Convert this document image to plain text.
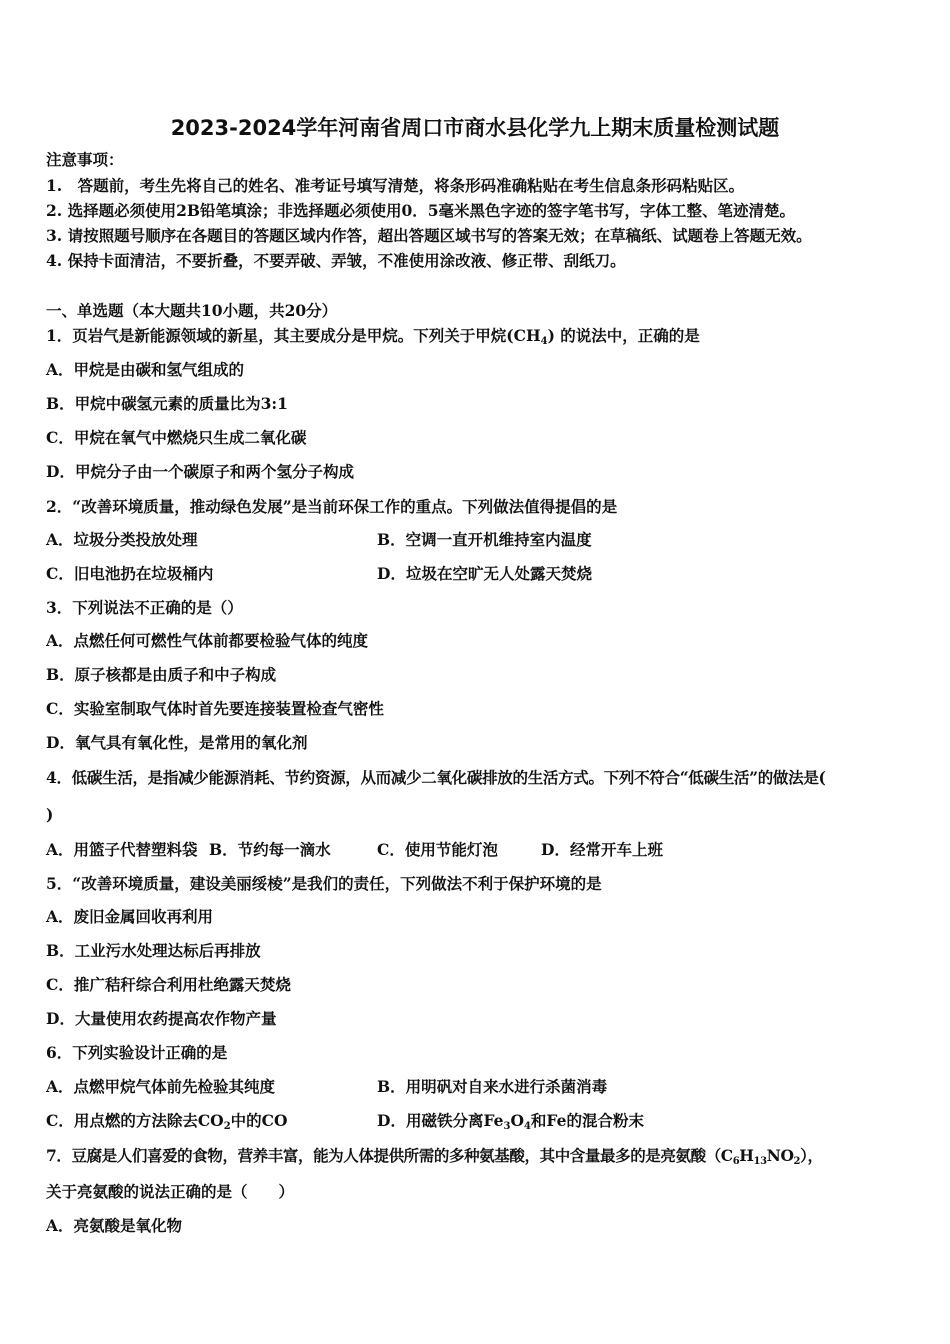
2023-2024学年河南省周口市商水县化学九上期末质量检测试题
注意事项：
1.　答题前，考生先将自己的姓名、准考证号填写清楚，将条形码准确粘贴在考生信息条形码粘贴区。
2. 选择题必须使用2B铅笔填涂；非选择题必须使用0．5毫米黑色字迹的签字笔书写，字体工整、笔迹清楚。
3. 请按照题号顺序在各题目的答题区域内作答，超出答题区域书写的答案无效；在草稿纸、试题卷上答题无效。
4. 保持卡面清洁，不要折叠，不要弄破、弄皱，不准使用涂改液、修正带、刮纸刀。
一、单选题（本大题共10小题，共20分）
1．页岩气是新能源领域的新星，其主要成分是甲烷。下列关于甲烷$(CH_4)$ 的说法中，正确的是
A．甲烷是由碳和氢气组成的
B．甲烷中碳氢元素的质量比为3:1
C．甲烷在氧气中燃烧只生成二氧化碳
D．甲烷分子由一个碳原子和两个氢分子构成
2．“改善环境质量，推动绿色发展”是当前环保工作的重点。下列做法值得提倡的是
A．垃圾分类投放处理	B．空调一直开机维持室内温度
C．旧电池扔在垃圾桶内	D．垃圾在空旷无人处露天焚烧
3．下列说法不正确的是（）
A．点燃任何可燃性气体前都要检验气体的纯度
B．原子核都是由质子和中子构成
C．实验室制取气体时首先要连接装置检查气密性
D．氧气具有氧化性，是常用的氧化剂
4．低碳生活，是指减少能源消耗、节约资源，从而减少二氧化碳排放的生活方式。下列不符合“低碳生活”的做法是(
)
A．用篮子代替塑料袋 B．节约每一滴水	C．使用节能灯泡	D．经常开车上班
5．“改善环境质量，建设美丽绥棱”是我们的责任，下列做法不利于保护环境的是
A．废旧金属回收再利用
B．工业污水处理达标后再排放
C．推广秸秆综合利用杜绝露天焚烧
D．大量使用农药提高农作物产量
6．下列实验设计正确的是
A．点燃甲烷气体前先检验其纯度	B．用明矾对自来水进行杀菌消毒
C．用点燃的方法除去$CO_2$中的CO	D．用磁铁分离$Fe_3O_4$和Fe的混合粉末
7．豆腐是人们喜爱的食物，营养丰富，能为人体提供所需的多种氨基酸，其中含量最多的是亮氨酸$(C_6H_{13}NO_2)$，
关于亮氨酸的说法正确的是（　　）
A．亮氨酸是氧化物
